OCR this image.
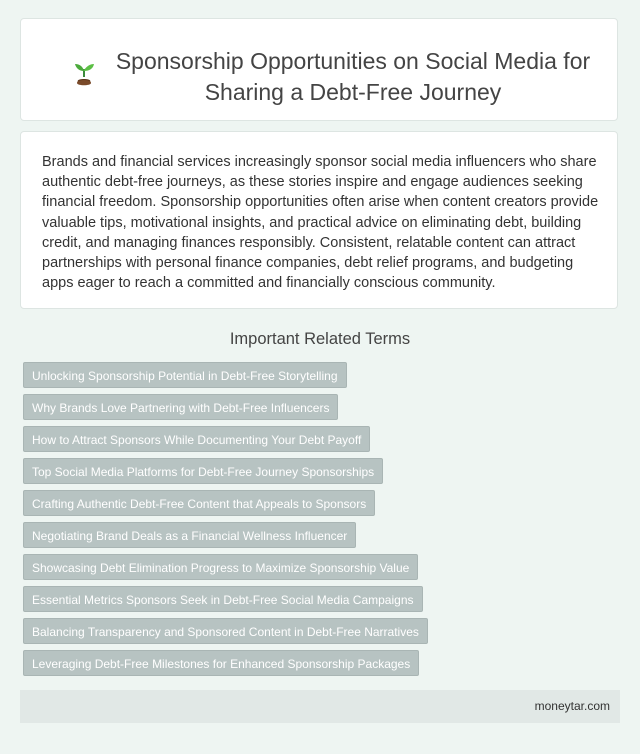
Sponsorship Opportunities on Social Media for Sharing a Debt-Free Journey
Brands and financial services increasingly sponsor social media influencers who share authentic debt-free journeys, as these stories inspire and engage audiences seeking financial freedom. Sponsorship opportunities often arise when content creators provide valuable tips, motivational insights, and practical advice on eliminating debt, building credit, and managing finances responsibly. Consistent, relatable content can attract partnerships with personal finance companies, debt relief programs, and budgeting apps eager to reach a committed and financially conscious community.
Important Related Terms
Unlocking Sponsorship Potential in Debt-Free Storytelling
Why Brands Love Partnering with Debt-Free Influencers
How to Attract Sponsors While Documenting Your Debt Payoff
Top Social Media Platforms for Debt-Free Journey Sponsorships
Crafting Authentic Debt-Free Content that Appeals to Sponsors
Negotiating Brand Deals as a Financial Wellness Influencer
Showcasing Debt Elimination Progress to Maximize Sponsorship Value
Essential Metrics Sponsors Seek in Debt-Free Social Media Campaigns
Balancing Transparency and Sponsored Content in Debt-Free Narratives
Leveraging Debt-Free Milestones for Enhanced Sponsorship Packages
moneytar.com
